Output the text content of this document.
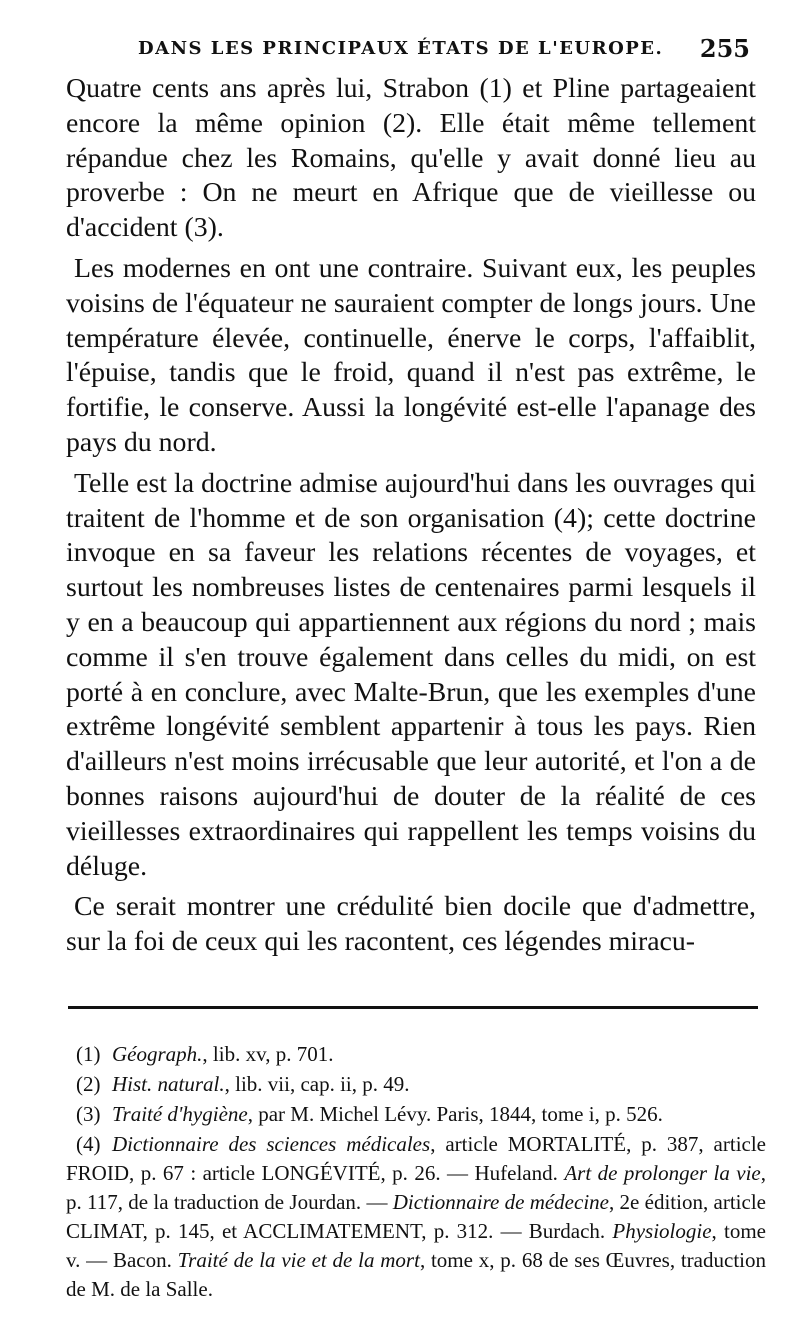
DANS LES PRINCIPAUX ÉTATS DE L'EUROPE. 255

Quatre cents ans après lui, Strabon (1) et Pline partageaient encore la même opinion (2). Elle était même tellement répandue chez les Romains, qu'elle y avait donné lieu au proverbe : On ne meurt en Afrique que de vieillesse ou d'accident (3).

Les modernes en ont une contraire. Suivant eux, les peuples voisins de l'équateur ne sauraient compter de longs jours. Une température élevée, continuelle, énerve le corps, l'affaiblit, l'épuise, tandis que le froid, quand il n'est pas extrême, le fortifie, le conserve. Aussi la longévité est-elle l'apanage des pays du nord.

Telle est la doctrine admise aujourd'hui dans les ouvrages qui traitent de l'homme et de son organisation (4); cette doctrine invoque en sa faveur les relations récentes de voyages, et surtout les nombreuses listes de centenaires parmi lesquels il y en a beaucoup qui appartiennent aux régions du nord ; mais comme il s'en trouve également dans celles du midi, on est porté à en conclure, avec Malte-Brun, que les exemples d'une extrême longévité semblent appartenir à tous les pays. Rien d'ailleurs n'est moins irrécusable que leur autorité, et l'on a de bonnes raisons aujourd'hui de douter de la réalité de ces vieillesses extraordinaires qui rappellent les temps voisins du déluge.

Ce serait montrer une crédulité bien docile que d'admettre, sur la foi de ceux qui les racontent, ces légendes miracu-

(1) Géograph., lib. xv, p. 701.
(2) Hist. natural., lib. vii, cap. ii, p. 49.
(3) Traité d'hygiène, par M. Michel Lévy. Paris, 1844, tome i, p. 526.
(4) Dictionnaire des sciences médicales, article MORTALITÉ, p. 387, article FROID, p. 67 : article LONGÉVITÉ, p. 26. — Hufeland. Art de prolonger la vie, p. 117, de la traduction de Jourdan. — Dictionnaire de médecine, 2e édition, article CLIMAT, p. 145, et ACCLIMATEMENT, p. 312. — Burdach. Physiologie, tome v. — Bacon. Traité de la vie et de la mort, tome x, p. 68 de ses Œuvres, traduction de M. de la Salle.
